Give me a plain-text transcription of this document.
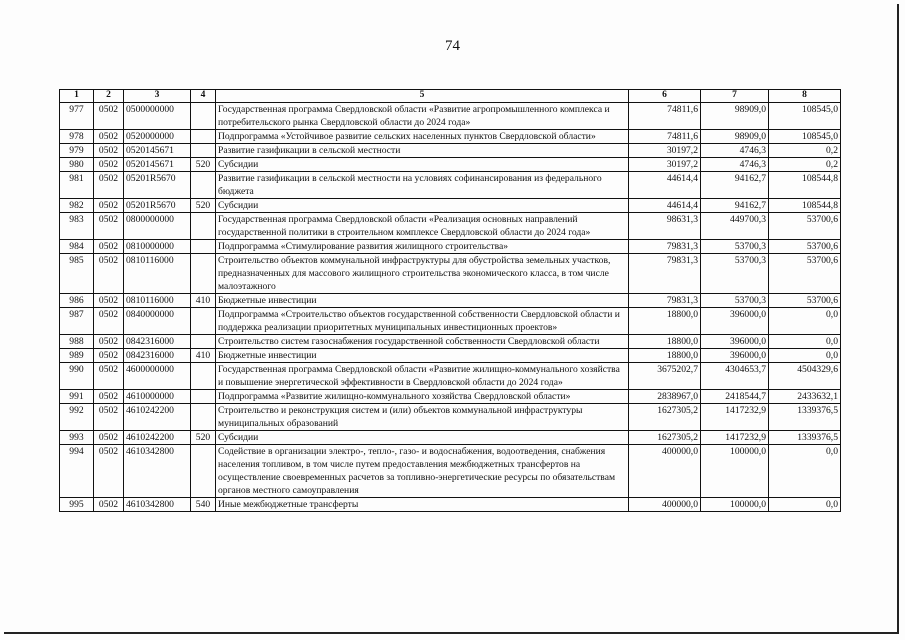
74
1	2	3	4	5	6	7	8
977	0502	0500000000		Государственная программа Свердловской области «Развитие агропромышленного комплекса и потребительского рынка Свердловской области до 2024 года»	74811,6	98909,0	108545,0
978	0502	0520000000		Подпрограмма «Устойчивое развитие сельских населенных пунктов Свердловской области»	74811,6	98909,0	108545,0
979	0502	0520145671		Развитие газификации в сельской местности	30197,2	4746,3	0,2
980	0502	0520145671	520	Субсидии	30197,2	4746,3	0,2
981	0502	05201R5670		Развитие газификации в сельской местности на условиях софинансирования из федерального бюджета	44614,4	94162,7	108544,8
982	0502	05201R5670	520	Субсидии	44614,4	94162,7	108544,8
983	0502	0800000000		Государственная программа Свердловской области «Реализация основных направлений государственной политики в строительном комплексе Свердловской области до 2024 года»	98631,3	449700,3	53700,6
984	0502	0810000000		Подпрограмма «Стимулирование развития жилищного строительства»	79831,3	53700,3	53700,6
985	0502	0810116000		Строительство объектов коммунальной инфраструктуры для обустройства земельных участков, предназначенных для массового жилищного строительства экономического класса, в том числе малоэтажного	79831,3	53700,3	53700,6
986	0502	0810116000	410	Бюджетные инвестиции	79831,3	53700,3	53700,6
987	0502	0840000000		Подпрограмма «Строительство объектов государственной собственности Свердловской области и поддержка реализации приоритетных муниципальных инвестиционных проектов»	18800,0	396000,0	0,0
988	0502	0842316000		Строительство систем газоснабжения государственной собственности Свердловской области	18800,0	396000,0	0,0
989	0502	0842316000	410	Бюджетные инвестиции	18800,0	396000,0	0,0
990	0502	4600000000		Государственная программа Свердловской области «Развитие жилищно-коммунального хозяйства и повышение энергетической эффективности в Свердловской области до 2024 года»	3675202,7	4304653,7	4504329,6
991	0502	4610000000		Подпрограмма «Развитие жилищно-коммунального хозяйства Свердловской области»	2838967,0	2418544,7	2433632,1
992	0502	4610242200		Строительство и реконструкция систем и (или) объектов коммунальной инфраструктуры муниципальных образований	1627305,2	1417232,9	1339376,5
993	0502	4610242200	520	Субсидии	1627305,2	1417232,9	1339376,5
994	0502	4610342800		Содействие в организации электро-, тепло-, газо- и водоснабжения, водоотведения, снабжения населения топливом, в том числе путем предоставления межбюджетных трансфертов на осуществление своевременных расчетов за топливно-энергетические ресурсы по обязательствам органов местного самоуправления	400000,0	100000,0	0,0
995	0502	4610342800	540	Иные межбюджетные трансферты	400000,0	100000,0	0,0
